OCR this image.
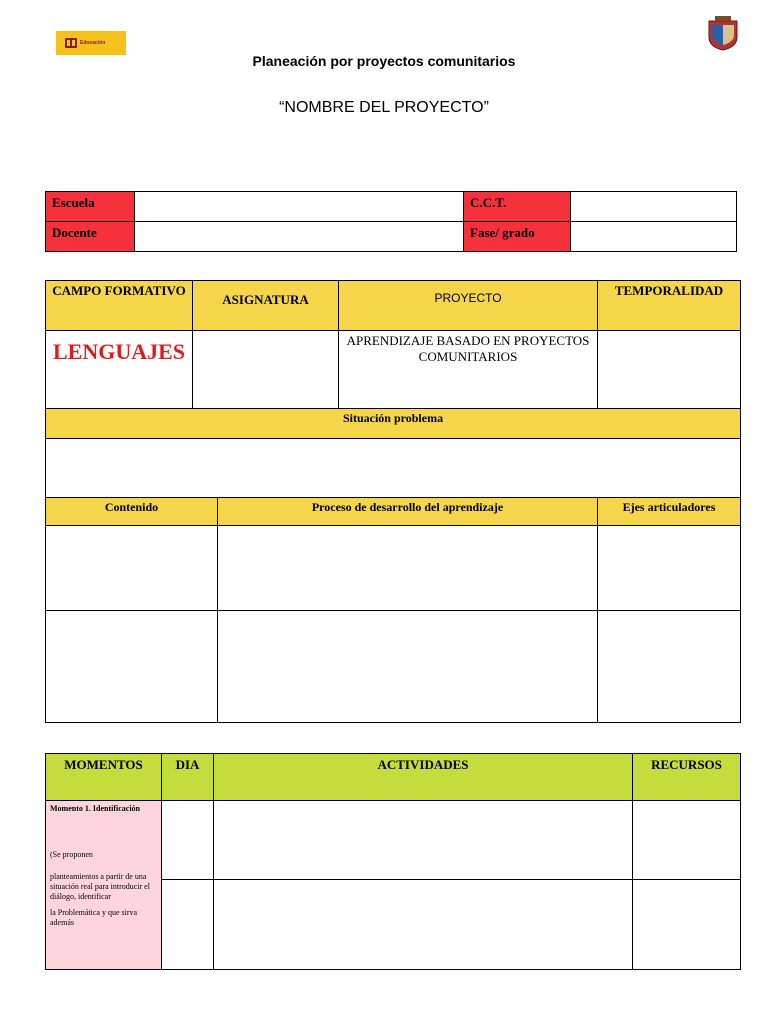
Educación
Planeación por proyectos comunitarios
“NOMBRE DEL PROYECTO”
Escuela		C.C.T.	
Docente		Fase/ grado	
CAMPO FORMATIVO	ASIGNATURA		PROYECTO	TEMPORALIDAD
LENGUAJES			APRENDIZAJE BASADO EN PROYECTOS COMUNITARIOS	
Situación problema				

Contenido		Proceso de desarrollo del aprendizaje		Ejes articuladores

MOMENTOS	DIA	ACTIVIDADES	RECURSOS

Momento 1. Identificación

(Se proponen

planteamientos a partir de una situación real para introducir el diálogo, identificar

la Problemática y que sirva además			
